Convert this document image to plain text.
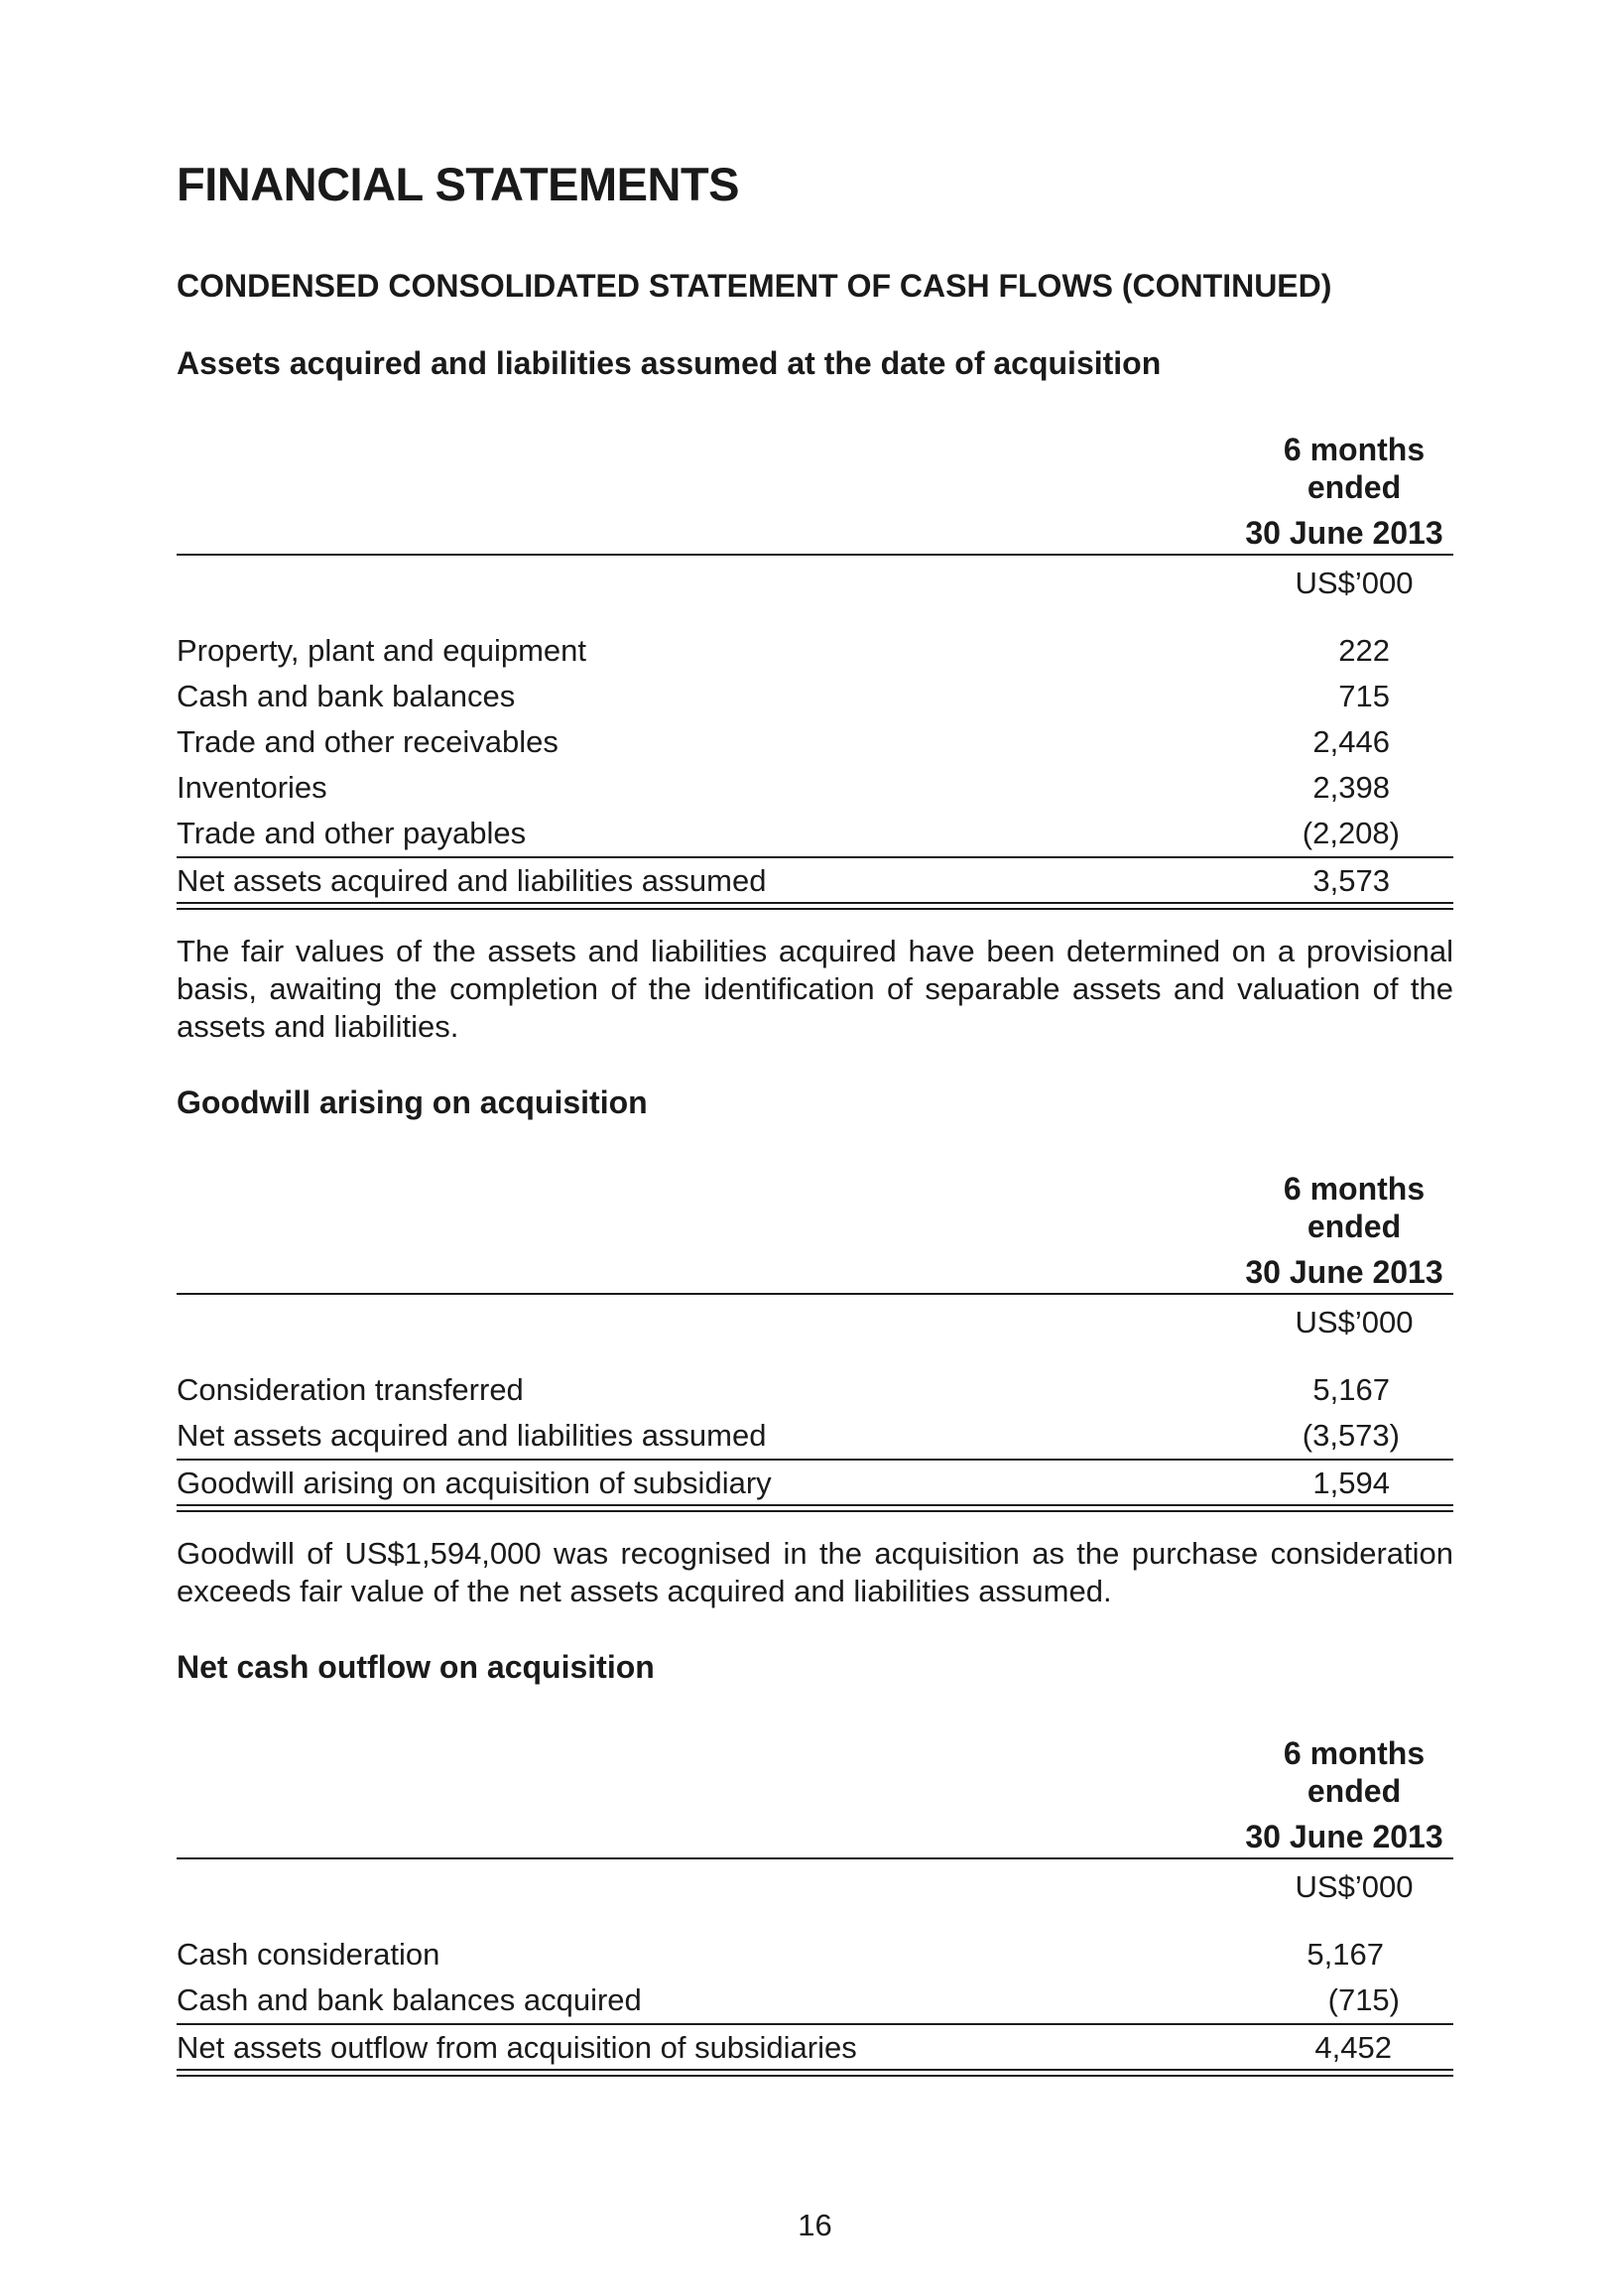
FINANCIAL STATEMENTS
CONDENSED CONSOLIDATED STATEMENT OF CASH FLOWS (CONTINUED)
Assets acquired and liabilities assumed at the date of acquisition
6 months
ended
30 June 2013
US$’000
Property, plant and equipment	222
Cash and bank balances	715
Trade and other receivables	2,446
Inventories	2,398
Trade and other payables	(2,208)
Net assets acquired and liabilities assumed	3,573

The fair values of the assets and liabilities acquired have been determined on a provisional basis, awaiting the completion of the identification of separable assets and valuation of the assets and liabilities.

Goodwill arising on acquisition
6 months
ended
30 June 2013
US$’000
Consideration transferred	5,167
Net assets acquired and liabilities assumed	(3,573)
Goodwill arising on acquisition of subsidiary	1,594

Goodwill of US$1,594,000 was recognised in the acquisition as the purchase consideration exceeds fair value of the net assets acquired and liabilities assumed.

Net cash outflow on acquisition
6 months
ended
30 June 2013
US$’000
Cash consideration	5,167
Cash and bank balances acquired	(715)
Net assets outflow from acquisition of subsidiaries	4,452
16
